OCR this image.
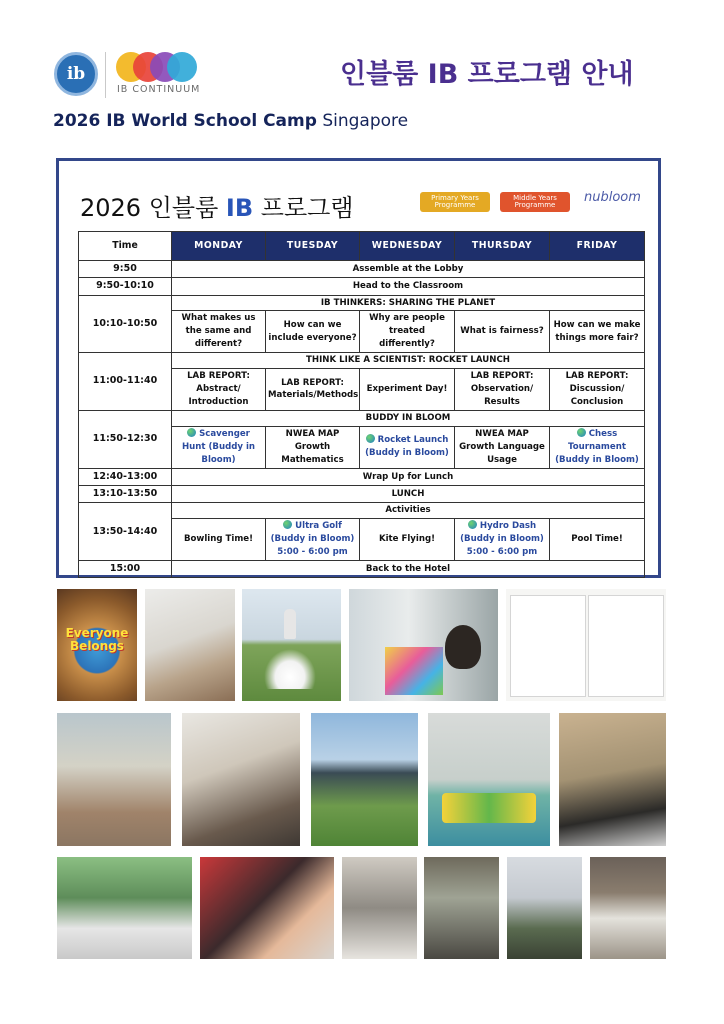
ib
IB CONTINUUM	인블룸 IB 프로그램 안내
2026 IB World School Camp Singapore
2026 인블룸 IB 프로그램	Primary Years Programme
Middle Years Programme	nubloom
Time	MONDAY	TUESDAY	WEDNESDAY	THURSDAY	FRIDAY
9:50	Assemble at the Lobby				
9:50-10:10	Head to the Classroom				
10:10-10:50	IB THINKERS: SHARING THE PLANET				
	What makes us the same and different?	How can we include everyone?	Why are people treated differently?	What is fairness?	How can we make things more fair?
11:00-11:40	THINK LIKE A SCIENTIST: ROCKET LAUNCH				
	LAB REPORT: Abstract/ Introduction	LAB REPORT: Materials/Methods	Experiment Day!	LAB REPORT: Observation/ Results	LAB REPORT: Discussion/ Conclusion
11:50-12:30	BUDDY IN BLOOM				
	Scavenger Hunt (Buddy in Bloom)	NWEA MAP Growth Mathematics	Rocket Launch (Buddy in Bloom)	NWEA MAP Growth Language Usage	Chess Tournament (Buddy in Bloom)
12:40-13:00	Wrap Up for Lunch				
13:10-13:50	LUNCH				
13:50-14:40	Activities				
	Bowling Time!	Ultra Golf (Buddy in Bloom) 5:00 - 6:00 pm	Kite Flying!	Hydro Dash (Buddy in Bloom) 5:00 - 6:00 pm	Pool Time!
15:00	Back to the Hotel				
Everyone Belongs
